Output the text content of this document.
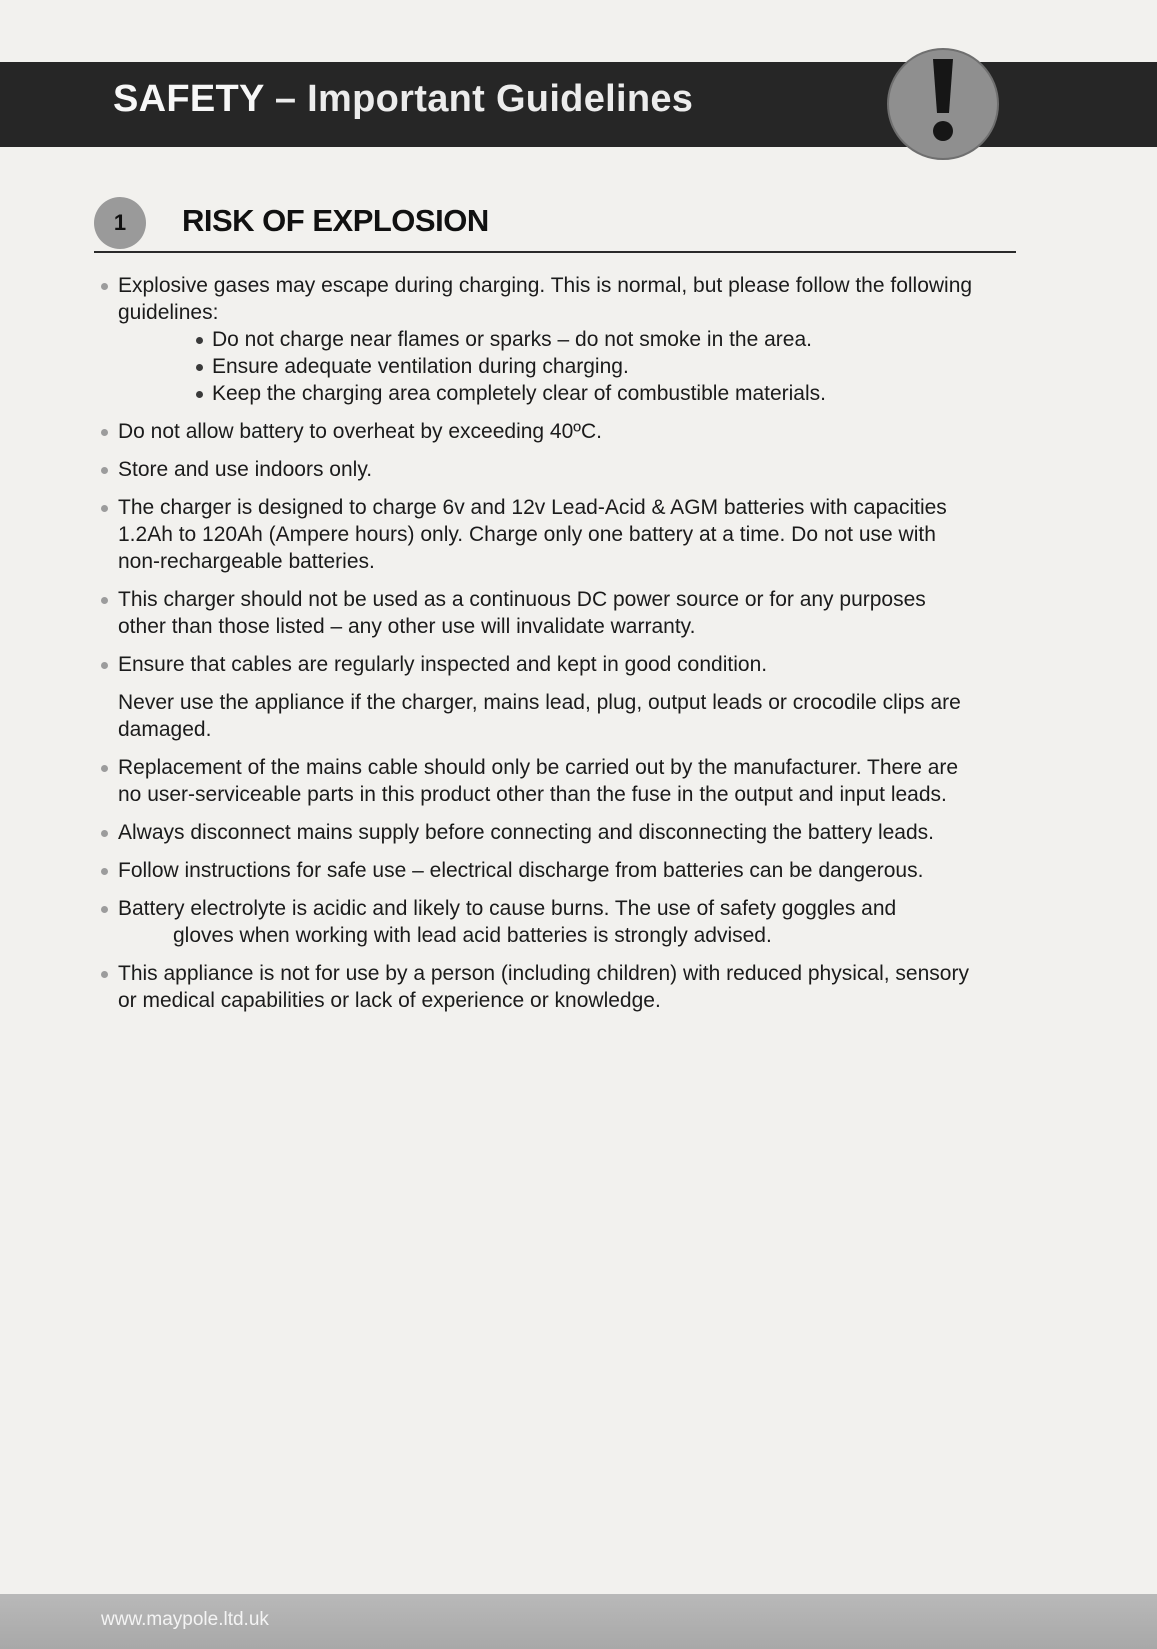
SAFETY – Important Guidelines
1	RISK OF EXPLOSION
Explosive gases may escape during charging. This is normal, but please follow the following guidelines:
Do not charge near flames or sparks – do not smoke in the area.
Ensure adequate ventilation during charging.
Keep the charging area completely clear of combustible materials.
Do not allow battery to overheat by exceeding 40ºC.
Store and use indoors only.
The charger is designed to charge 6v and 12v Lead-Acid & AGM batteries with capacities 1.2Ah to 120Ah (Ampere hours) only. Charge only one battery at a time. Do not use with non-rechargeable batteries.
This charger should not be used as a continuous DC power source or for any purposes other than those listed – any other use will invalidate warranty.
Ensure that cables are regularly inspected and kept in good condition.
Never use the appliance if the charger, mains lead, plug, output leads or crocodile clips are damaged.
Replacement of the mains cable should only be carried out by the manufacturer. There are no user-serviceable parts in this product other than the fuse in the output and input leads.
Always disconnect mains supply before connecting and disconnecting the battery leads.
Follow instructions for safe use – electrical discharge from batteries can be dangerous.
Battery electrolyte is acidic and likely to cause burns. The use of safety goggles and
gloves when working with lead acid batteries is strongly advised.
This appliance is not for use by a person (including children) with reduced physical, sensory or medical capabilities or lack of experience or knowledge.
www.maypole.ltd.uk
